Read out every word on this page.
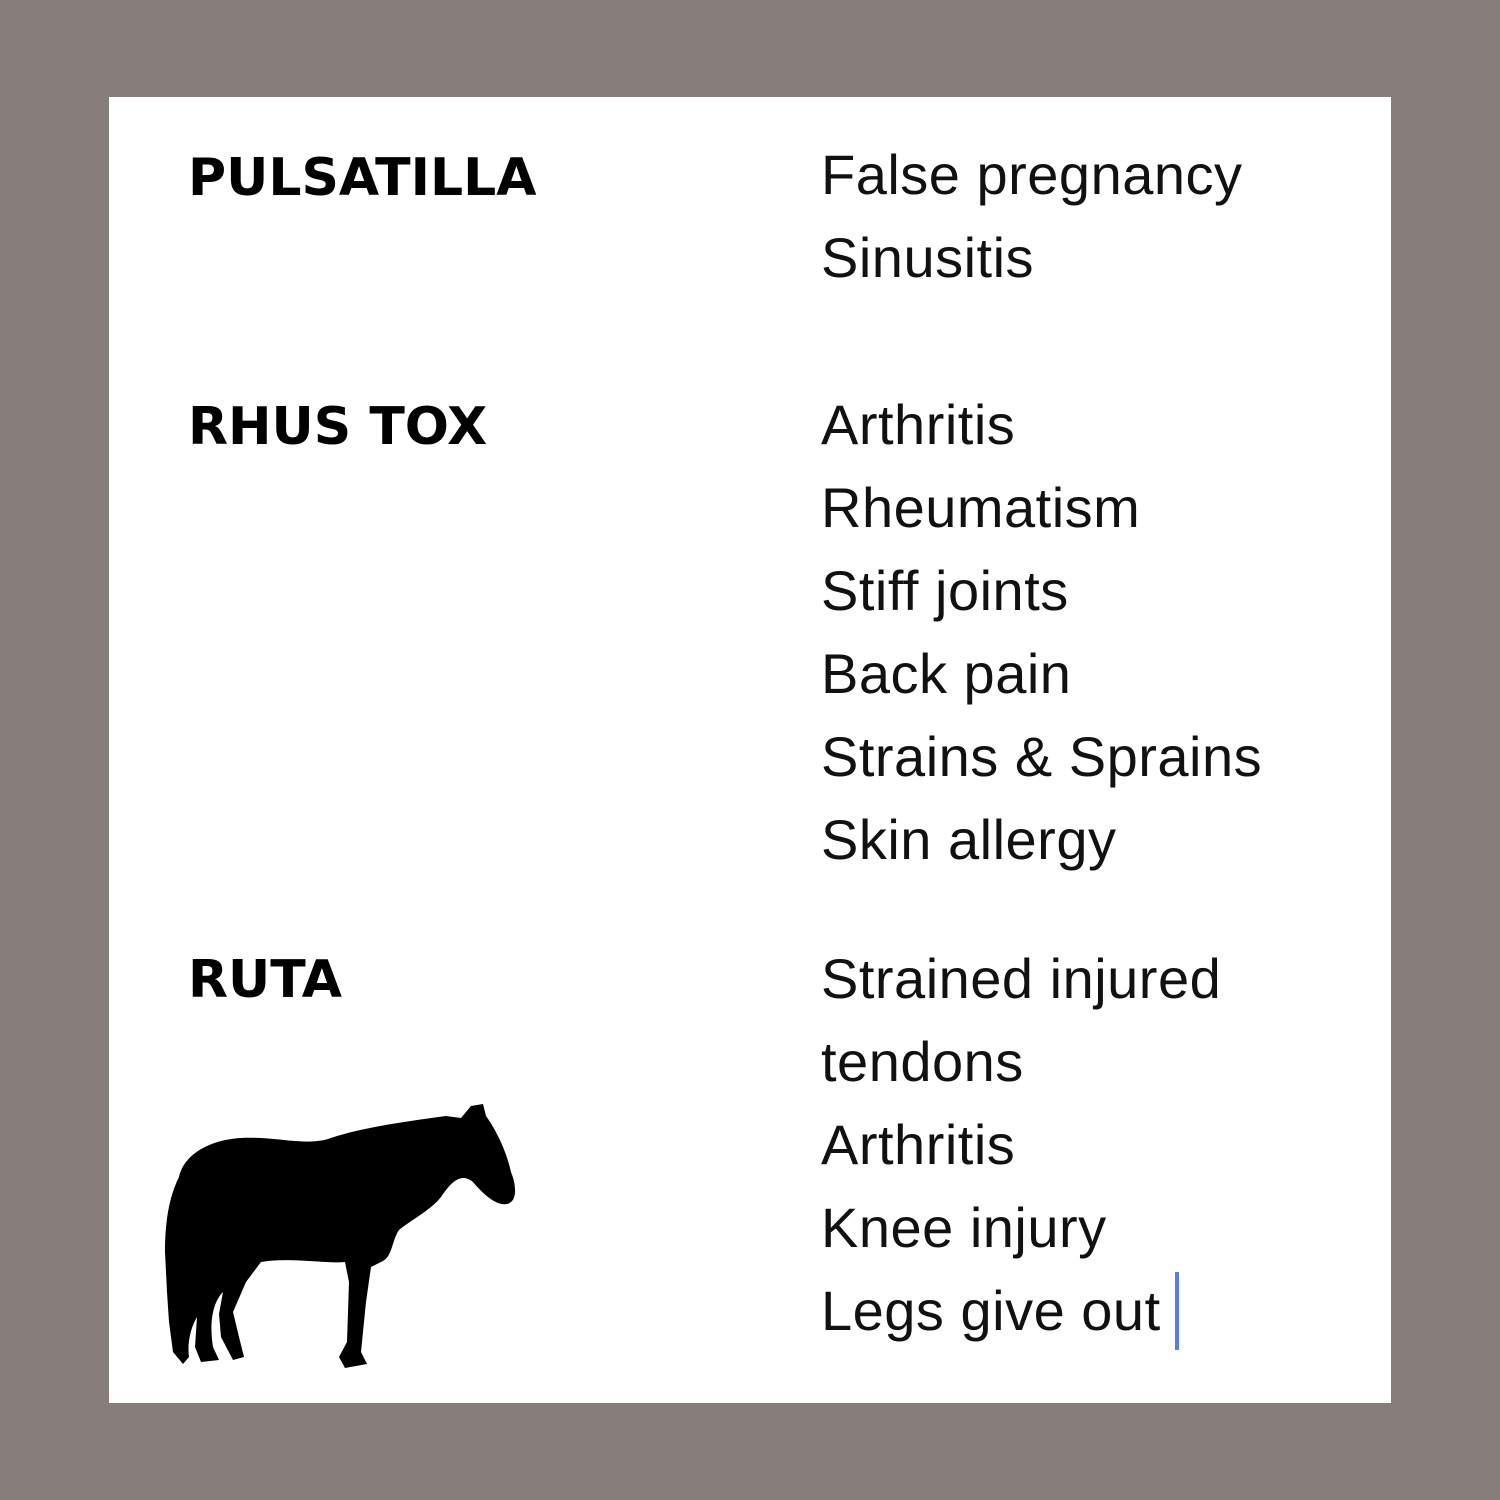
PULSATILLA	False pregnancy
Sinusitis
RHUS TOX	Arthritis
Rheumatism
Stiff joints
Back pain
Strains & Sprains
Skin allergy
RUTA	Strained injured
tendons
Arthritis
Knee injury
Legs give out
